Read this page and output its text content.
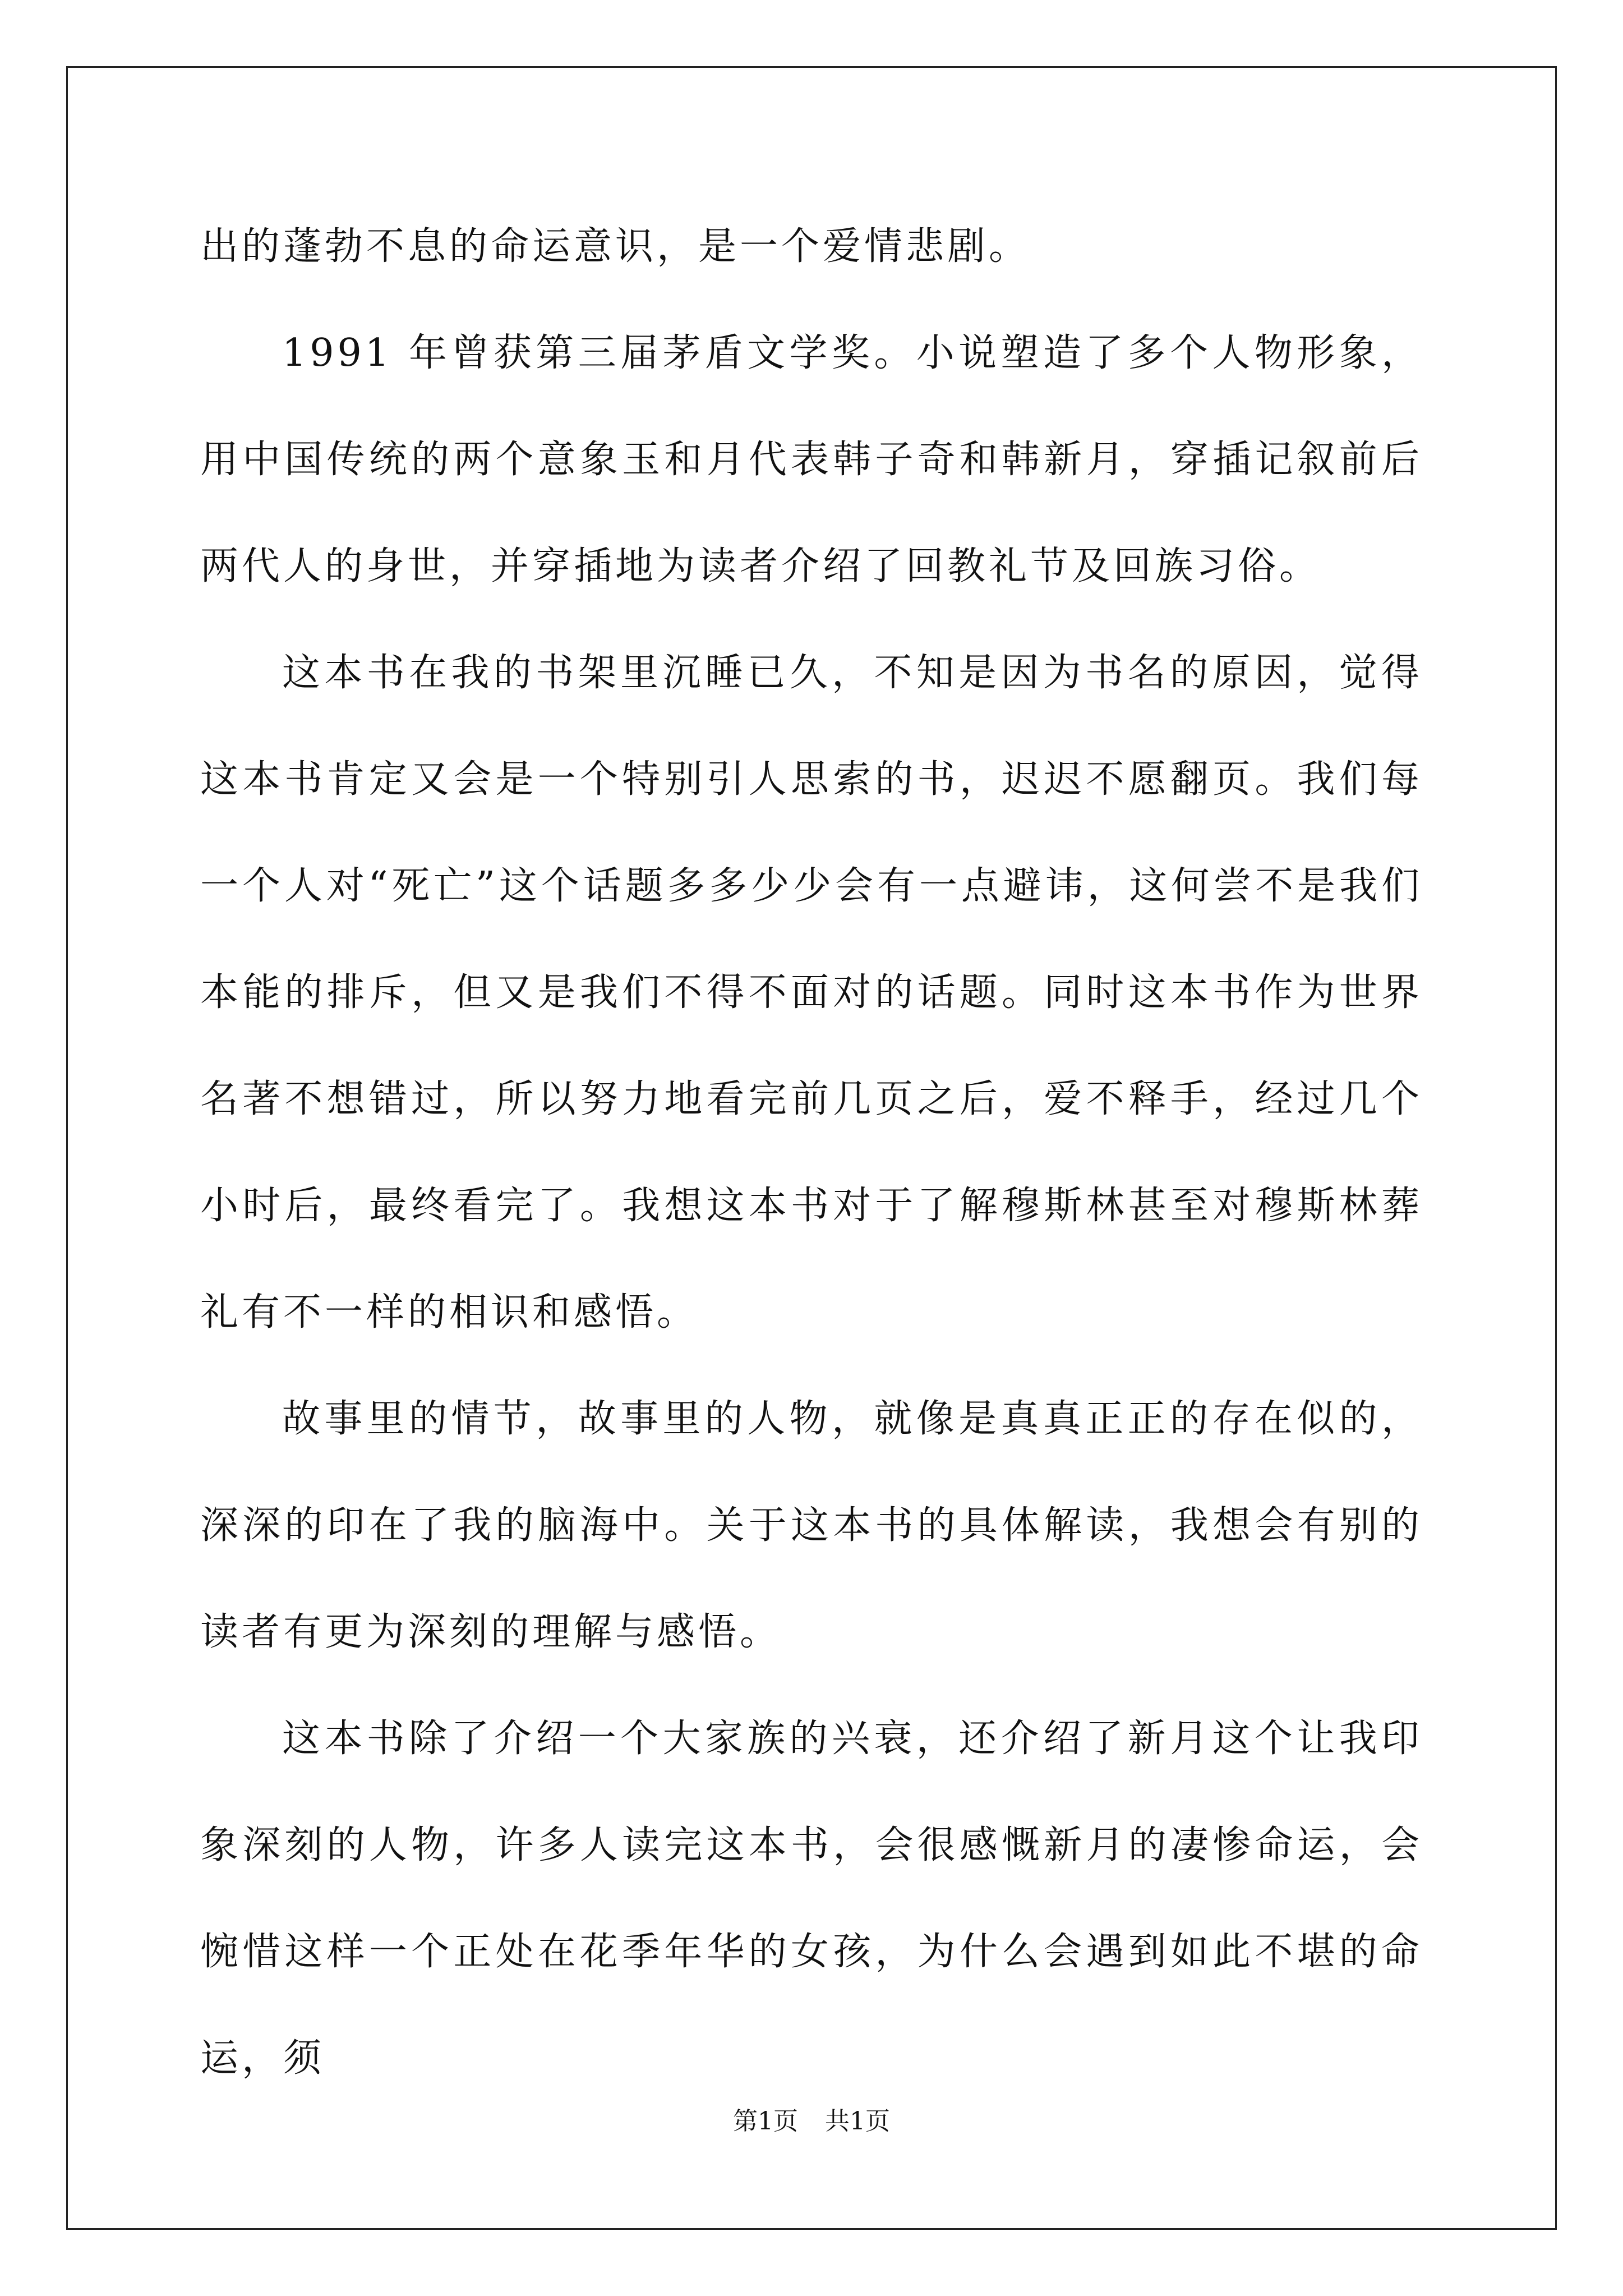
出的蓬勃不息的命运意识，是一个爱情悲剧。

1991 年曾获第三届茅盾文学奖。小说塑造了多个人物形象，用中国传统的两个意象玉和月代表韩子奇和韩新月，穿插记叙前后两代人的身世，并穿插地为读者介绍了回教礼节及回族习俗。

这本书在我的书架里沉睡已久，不知是因为书名的原因，觉得这本书肯定又会是一个特别引人思索的书，迟迟不愿翻页。我们每一个人对“死亡”这个话题多多少少会有一点避讳，这何尝不是我们本能的排斥，但又是我们不得不面对的话题。同时这本书作为世界名著不想错过，所以努力地看完前几页之后，爱不释手，经过几个小时后，最终看完了。我想这本书对于了解穆斯林甚至对穆斯林葬礼有不一样的相识和感悟。

故事里的情节，故事里的人物，就像是真真正正的存在似的，深深的印在了我的脑海中。关于这本书的具体解读，我想会有别的读者有更为深刻的理解与感悟。

这本书除了介绍一个大家族的兴衰，还介绍了新月这个让我印象深刻的人物，许多人读完这本书，会很感慨新月的凄惨命运，会惋惜这样一个正处在花季年华的女孩，为什么会遇到如此不堪的命运，须

第1页 共1页
